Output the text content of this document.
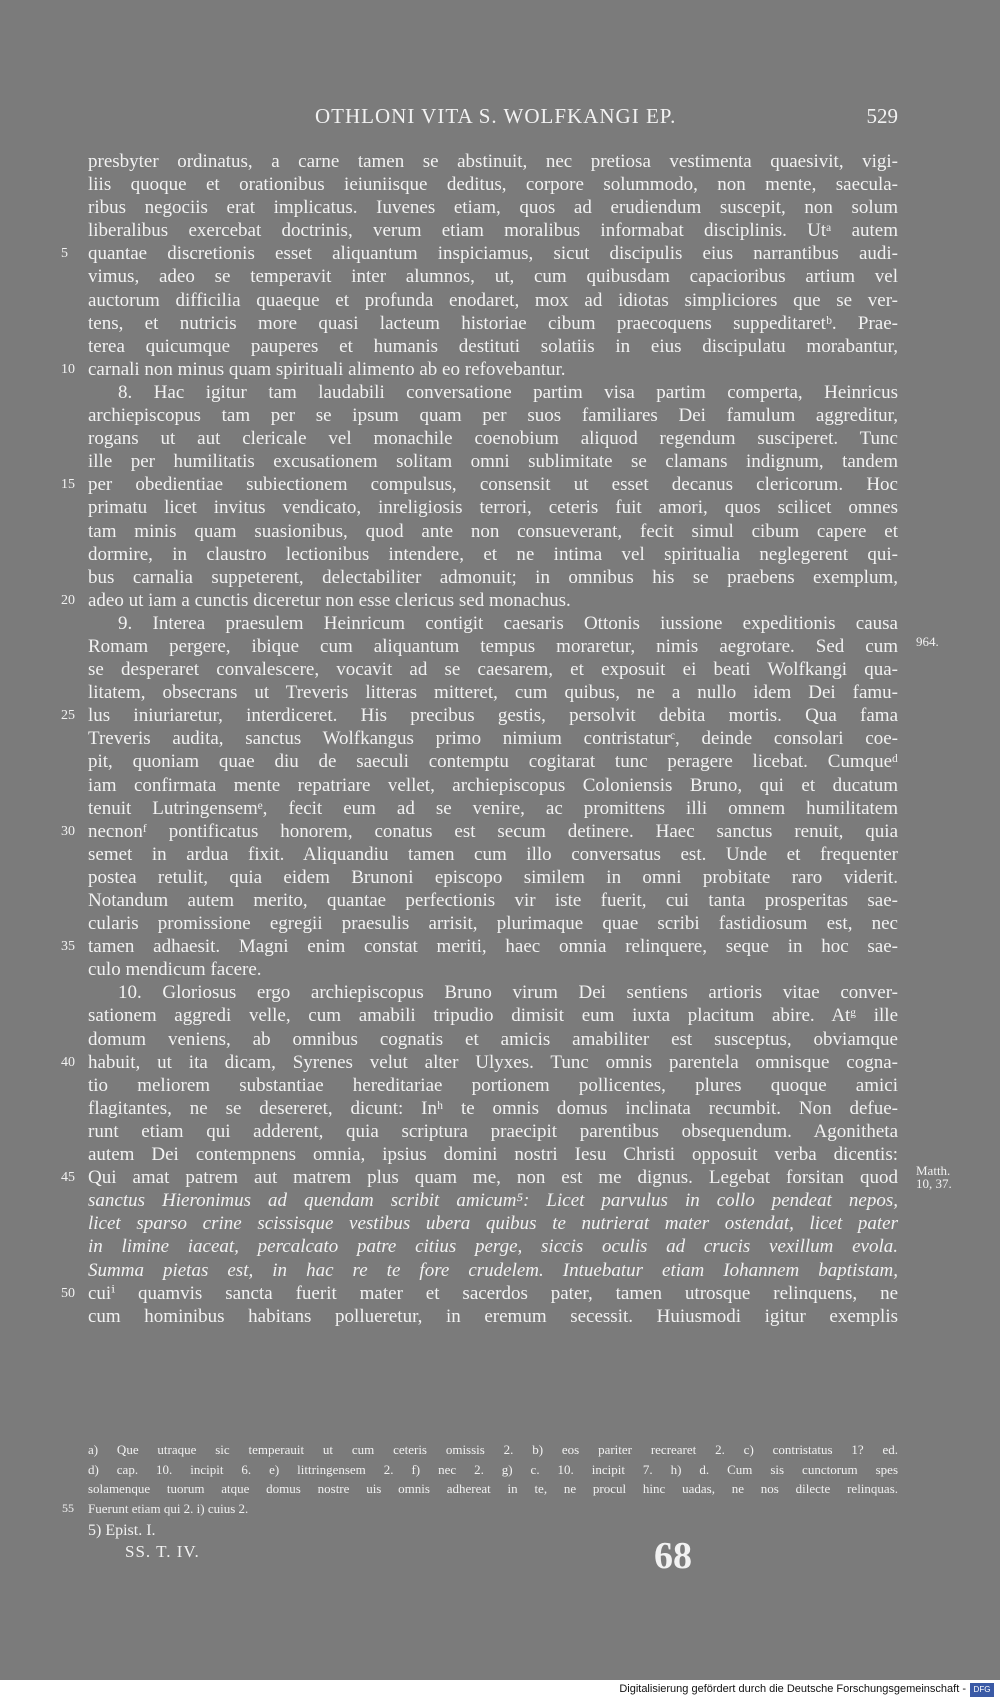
OTHLONI VITA S. WOLFKANGI EP.	529
presbyter ordinatus, a carne tamen se abstinuit, nec pretiosa vestimenta quaesivit, vigi-
liis quoque et orationibus ieiuniisque deditus, corpore solummodo, non mente, saecula-
ribus negociis erat implicatus. Iuvenes etiam, quos ad erudiendum suscepit, non solum
liberalibus exercebat doctrinis, verum etiam moralibus informabat disciplinis. Utᵃ autem
quantae discretionis esset aliquantum inspiciamus, sicut discipulis eius narrantibus audi-
5
vimus, adeo se temperavit inter alumnos, ut, cum quibusdam capacioribus artium vel
auctorum difficilia quaeque et profunda enodaret, mox ad idiotas simpliciores que se ver-
tens, et nutricis more quasi lacteum historiae cibum praecoquens suppeditaretᵇ. Prae-
terea quicumque pauperes et humanis destituti solatiis in eius discipulatu morabantur,
carnali non minus quam spirituali alimento ab eo refovebantur.
10
8. Hac igitur tam laudabili conversatione partim visa partim comperta, Heinricus
archiepiscopus tam per se ipsum quam per suos familiares Dei famulum aggreditur,
rogans ut aut clericale vel monachile coenobium aliquod regendum susciperet. Tunc
ille per humilitatis excusationem solitam omni sublimitate se clamans indignum, tandem
per obedientiae subiectionem compulsus, consensit ut esset decanus clericorum. Hoc
15
primatu licet invitus vendicato, inreligiosis terrori, ceteris fuit amori, quos scilicet omnes
tam minis quam suasionibus, quod ante non consueverant, fecit simul cibum capere et
dormire, in claustro lectionibus intendere, et ne intima vel spiritualia neglegerent qui-
bus carnalia suppeterent, delectabiliter admonuit; in omnibus his se praebens exemplum,
adeo ut iam a cunctis diceretur non esse clericus sed monachus.
20
9. Interea praesulem Heinricum contigit caesaris Ottonis iussione expeditionis causa
Romam pergere, ibique cum aliquantum tempus moraretur, nimis aegrotare. Sed cum 964.
se desperaret convalescere, vocavit ad se caesarem, et exposuit ei beati Wolfkangi qua-
litatem, obsecrans ut Treveris litteras mitteret, cum quibus, ne a nullo idem Dei famu-
lus iniuriaretur, interdiceret. His precibus gestis, persolvit debita mortis. Qua fama
25
Treveris audita, sanctus Wolfkangus primo nimium contristaturᶜ, deinde consolari coe-
pit, quoniam quae diu de saeculi contemptu cogitarat tunc peragere licebat. Cumqueᵈ
iam confirmata mente repatriare vellet, archiepiscopus Coloniensis Bruno, qui et ducatum
tenuit Lutringensemᵉ, fecit eum ad se venire, ac promittens illi omnem humilitatem
necnonᶠ pontificatus honorem, conatus est secum detinere. Haec sanctus renuit, quia
30
semet in ardua fixit. Aliquandiu tamen cum illo conversatus est. Unde et frequenter
postea retulit, quia eidem Brunoni episcopo similem in omni probitate raro viderit.
Notandum autem merito, quantae perfectionis vir iste fuerit, cui tanta prosperitas sae-
cularis promissione egregii praesulis arrisit, plurimaque quae scribi fastidiosum est, nec
tamen adhaesit. Magni enim constat meriti, haec omnia relinquere, seque in hoc sae-
35
culo mendicum facere.
10. Gloriosus ergo archiepiscopus Bruno virum Dei sentiens artioris vitae conver-
sationem aggredi velle, cum amabili tripudio dimisit eum iuxta placitum abire. Atᵍ ille
domum veniens, ab omnibus cognatis et amicis amabiliter est susceptus, obviamque
habuit, ut ita dicam, Syrenes velut alter Ulyxes. Tunc omnis parentela omnisque cogna-
40
tio meliorem substantiae hereditariae portionem pollicentes, plures quoque amici
flagitantes, ne se desereret, dicunt: Inʰ te omnis domus inclinata recumbit. Non defue-
runt etiam qui adderent, quia scriptura praecipit parentibus obsequendum. Agonitheta
autem Dei contempnens omnia, ipsius domini nostri Iesu Christi opposuit verba dicentis:
Qui amat patrem aut matrem plus quam me, non est me dignus. Legebat forsitan quod
45	Matth.
10, 37.
sanctus Hieronimus ad quendam scribit amicum⁵: Licet parvulus in collo pendeat nepos,
licet sparso crine scissisque vestibus ubera quibus te nutrierat mater ostendat, licet pater
in limine iaceat, percalcato patre citius perge, siccis oculis ad crucis vexillum evola.
Summa pietas est, in hac re te fore crudelem. Intuebatur etiam Iohannem baptistam,
cuiⁱ quamvis sancta fuerit mater et sacerdos pater, tamen utrosque relinquens, ne
50
cum hominibus habitans pollueretur, in eremum secessit. Huiusmodi igitur exemplis
a) Que utraque sic temperauit ut cum ceteris omissis 2. b) eos pariter recrearet 2. c) contristatus 1? ed.
d) cap. 10. incipit 6. e) littringensem 2. f) nec 2. g) c. 10. incipit 7. h) d. Cum sis cunctorum spes
solamenque tuorum atque domus nostre uis omnis adhereat in te, ne procul hinc uadas, ne nos dilecte relinquas.
Fuerunt etiam qui 2. i) cuius 2.
55
5) Epist. I.
SS. T. IV.	68
Digitalisierung gefördert durch die Deutsche Forschungsgemeinschaft - DFG
